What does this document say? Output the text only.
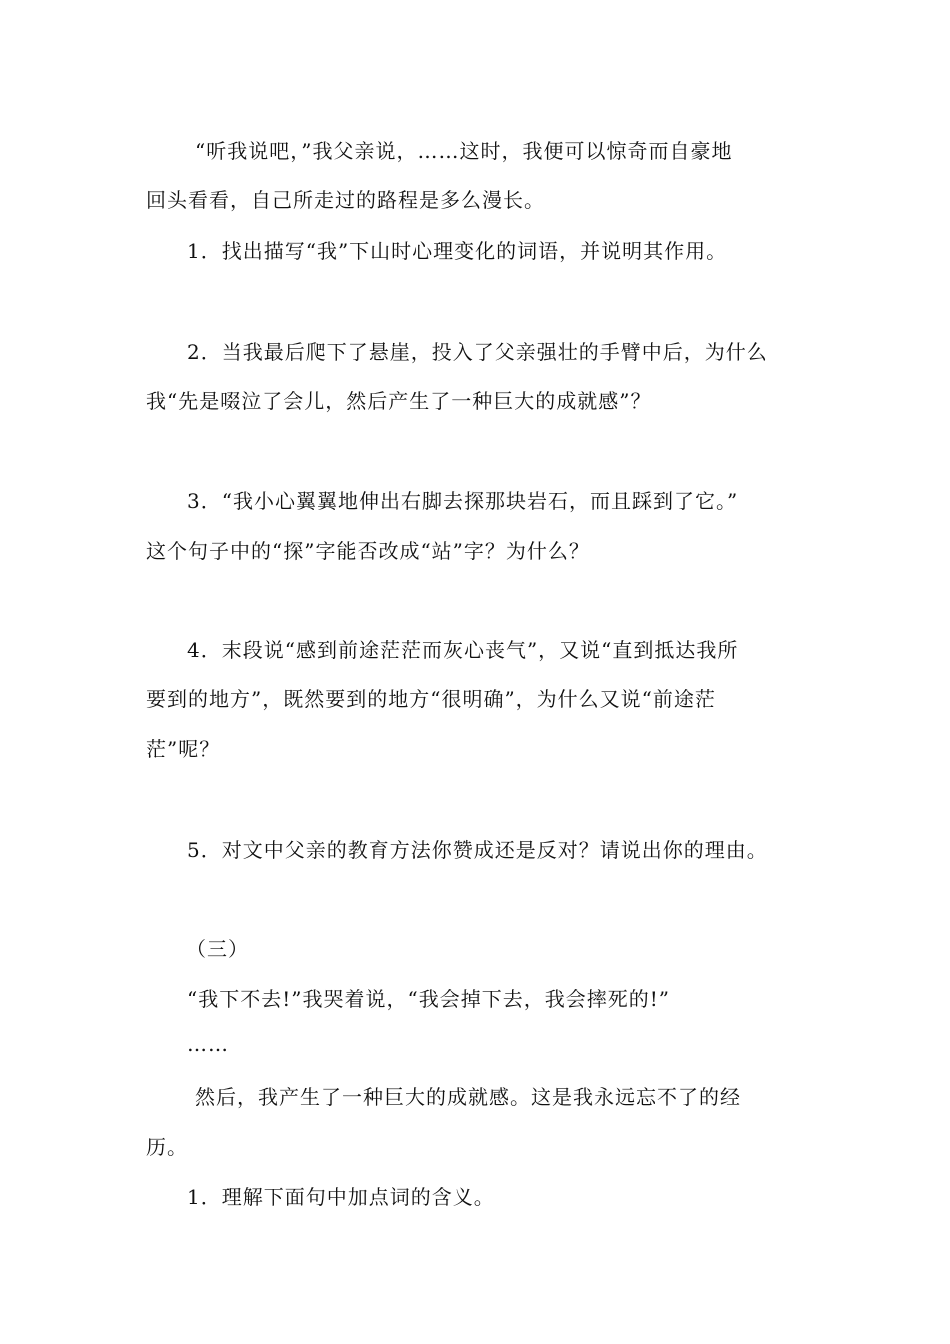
“听我说吧，”我父亲说，……这时，我便可以惊奇而自豪地
回头看看，自己所走过的路程是多么漫长。
1．找出描写“我”下山时心理变化的词语，并说明其作用。
2．当我最后爬下了悬崖，投入了父亲强壮的手臂中后，为什么
我“先是啜泣了会儿，然后产生了一种巨大的成就感”？
3．“我小心翼翼地伸出右脚去探那块岩石，而且踩到了它。”
这个句子中的“探”字能否改成“站”字？为什么？
4．末段说“感到前途茫茫而灰心丧气”，又说“直到抵达我所
要到的地方”，既然要到的地方“很明确”，为什么又说“前途茫
茫”呢？
5．对文中父亲的教育方法你赞成还是反对？请说出你的理由。
（三）
“我下不去!”我哭着说，“我会掉下去，我会摔死的!”
……
然后，我产生了一种巨大的成就感。这是我永远忘不了的经
历。
1．理解下面句中加点词的含义。
